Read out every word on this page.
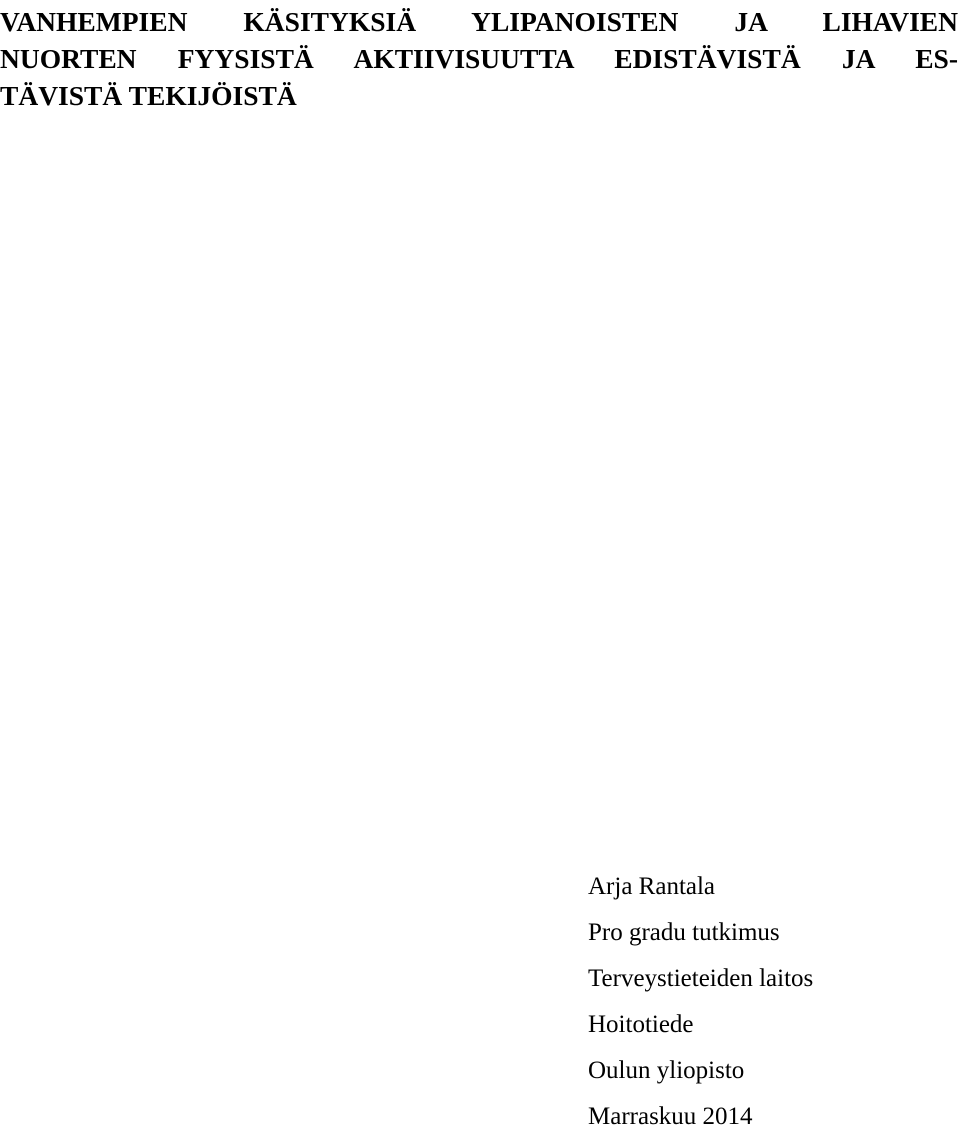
VANHEMPIEN KÄSITYKSIÄ YLIPANOISTEN JA LIHAVIEN
NUORTEN FYYSISTÄ AKTIIVISUUTTA EDISTÄVISTÄ JA ES-
TÄVISTÄ TEKIJÖISTÄ
Arja Rantala
Pro gradu tutkimus
Terveystieteiden laitos
Hoitotiede
Oulun yliopisto
Marraskuu 2014
